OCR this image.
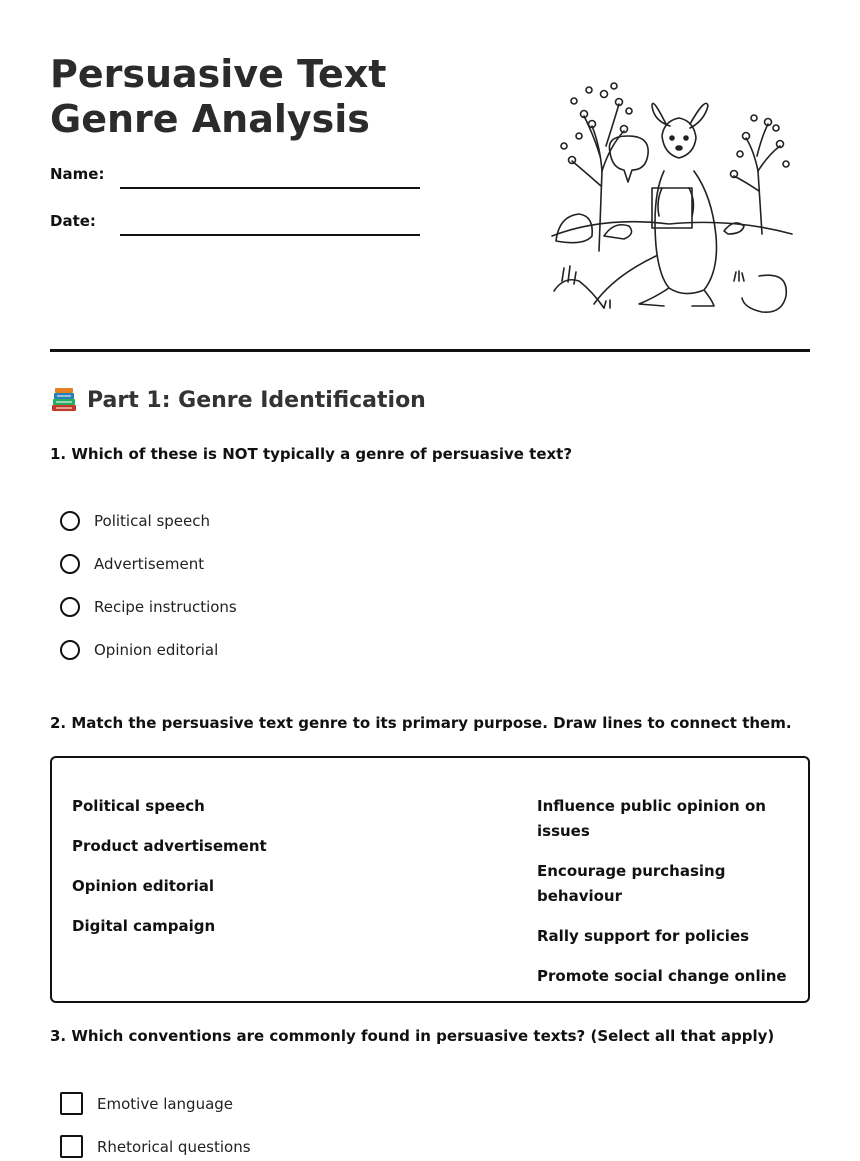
Persuasive Text Genre Analysis
Name:
Date:
Part 1: Genre Identification
1. Which of these is NOT typically a genre of persuasive text?
Political speech
Advertisement
Recipe instructions
Opinion editorial
2. Match the persuasive text genre to its primary purpose. Draw lines to connect them.
Political speech
Product advertisement
Opinion editorial
Digital campaign
Influence public opinion on issues
Encourage purchasing behaviour
Rally support for policies
Promote social change online
3. Which conventions are commonly found in persuasive texts? (Select all that apply)
Emotive language
Rhetorical questions
